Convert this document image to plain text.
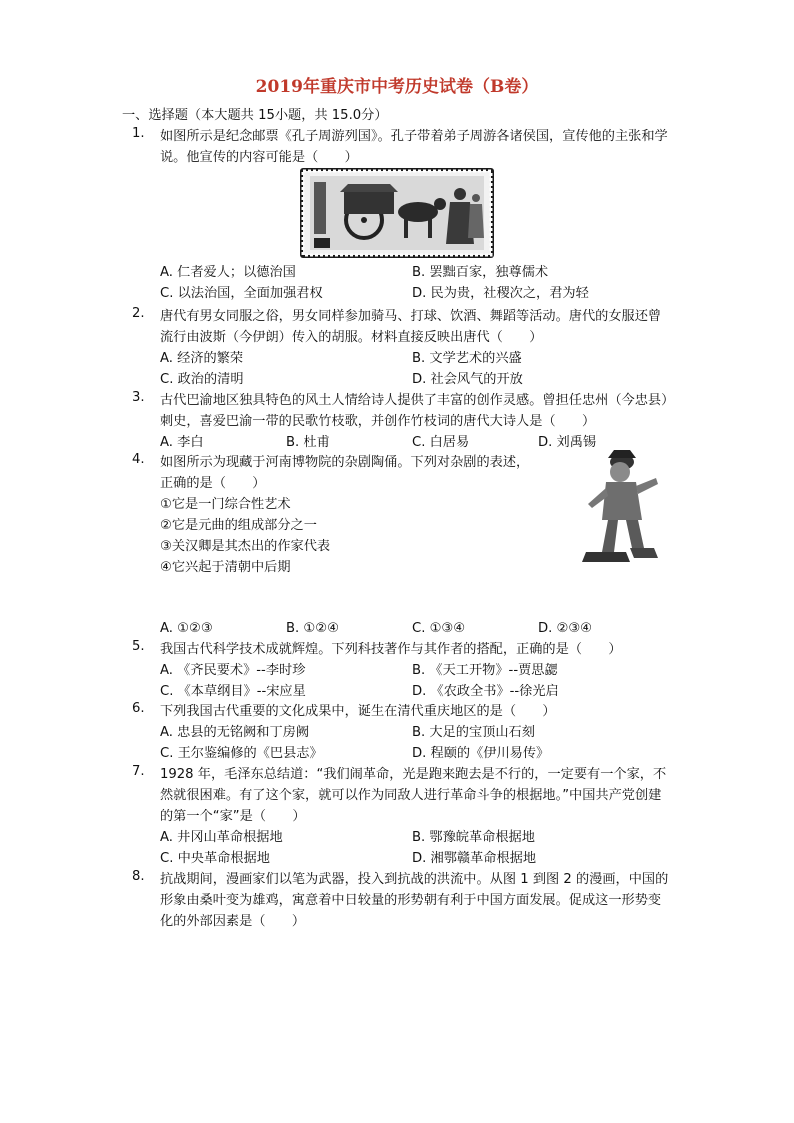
2019年重庆市中考历史试卷（B卷）
一、选择题（本大题共 15小题，共 15.0分）
1.	如图所示是纪念邮票《孔子周游列国》。孔子带着弟子周游各诸侯国，宣传他的主张和学说。他宣传的内容可能是（　　）
A. 仁者爱人；以德治国	B. 罢黜百家，独尊儒术
C. 以法治国，全面加强君权	D. 民为贵，社稷次之，君为轻
2.	唐代有男女同服之俗，男女同样参加骑马、打球、饮酒、舞蹈等活动。唐代的女服还曾流行由波斯（今伊朗）传入的胡服。材料直接反映出唐代（　　）
A. 经济的繁荣	B. 文学艺术的兴盛
C. 政治的清明	D. 社会风气的开放
3.	古代巴渝地区独具特色的风土人情给诗人提供了丰富的创作灵感。曾担任忠州（今忠县）刺史，喜爱巴渝一带的民歌竹枝歌，并创作竹枝词的唐代大诗人是（　　）
A. 李白	B. 杜甫	C. 白居易	D. 刘禹锡
4.	如图所示为现藏于河南博物院的杂剧陶俑。下列对杂剧的表述，
正确的是（　　）
①它是一门综合性艺术
②它是元曲的组成部分之一
③关汉卿是其杰出的作家代表
④它兴起于清朝中后期
A. ①②③	B. ①②④	C. ①③④	D. ②③④
5.	我国古代科学技术成就辉煌。下列科技著作与其作者的搭配，正确的是（　　）
A. 《齐民要术》--李时珍	B. 《天工开物》--贾思勰
C. 《本草纲目》--宋应星	D. 《农政全书》--徐光启
6.	下列我国古代重要的文化成果中，诞生在清代重庆地区的是（　　）
A. 忠县的无铭阙和丁房阙	B. 大足的宝顶山石刻
C. 王尔鉴编修的《巴县志》	D. 程颐的《伊川易传》
7.	1928 年，毛泽东总结道：“我们闹革命，光是跑来跑去是不行的，一定要有一个家，不然就很困难。有了这个家，就可以作为同敌人进行革命斗争的根据地。”中国共产党创建的第一个“家”是（　　）
A. 井冈山革命根据地	B. 鄂豫皖革命根据地
C. 中央革命根据地	D. 湘鄂赣革命根据地
8.	抗战期间，漫画家们以笔为武器，投入到抗战的洪流中。从图 1 到图 2 的漫画，中国的形象由桑叶变为雄鸡，寓意着中日较量的形势朝有利于中国方面发展。促成这一形势变化的外部因素是（　　）
